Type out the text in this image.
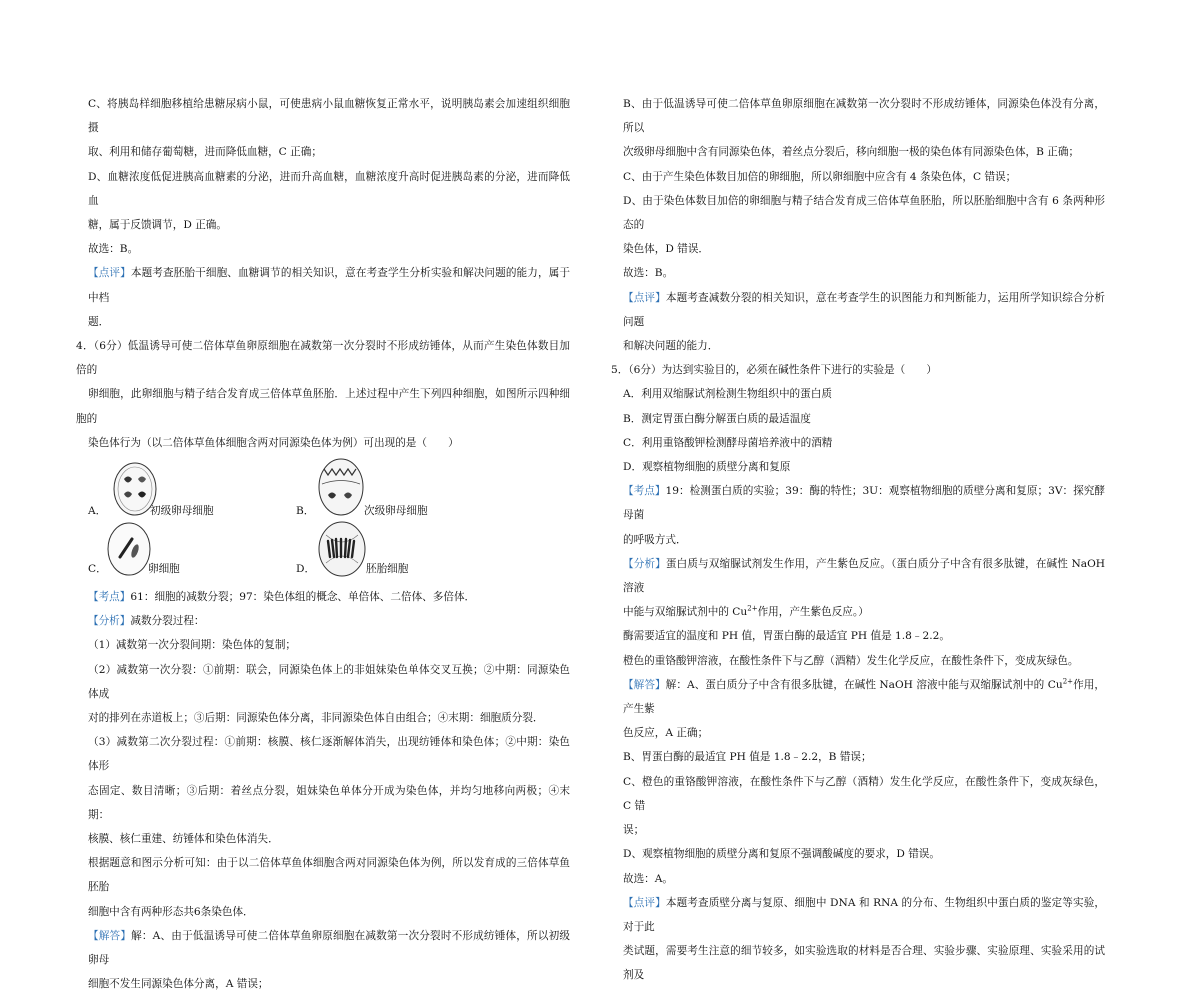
C、将胰岛样细胞移植给患糖尿病小鼠，可使患病小鼠血糖恢复正常水平，说明胰岛素会加速组织细胞摄
取、利用和储存葡萄糖，进而降低血糖，C 正确；

D、血糖浓度低促进胰高血糖素的分泌，进而升高血糖，血糖浓度升高时促进胰岛素的分泌，进而降低血
糖，属于反馈调节，D 正确。

故选：B。

【点评】本题考查胚胎干细胞、血糖调节的相关知识，意在考查学生分析实验和解决问题的能力，属于中档
题．

4．（6分）低温诱导可使二倍体草鱼卵原细胞在减数第一次分裂时不形成纺锤体，从而产生染色体数目加倍的
卵细胞，此卵细胞与精子结合发育成三倍体草鱼胚胎．上述过程中产生下列四种细胞，如图所示四种细胞的
染色体行为（以二倍体草鱼体细胞含两对同源染色体为例）可出现的是（　　）

A．	初级卵母细胞	B．	次级卵母细胞
C．	卵细胞	D．	胚胎细胞

【考点】61：细胞的减数分裂；97：染色体组的概念、单倍体、二倍体、多倍体．

【分析】减数分裂过程：

（1）减数第一次分裂间期：染色体的复制；

（2）减数第一次分裂：①前期：联会，同源染色体上的非姐妹染色单体交叉互换；②中期：同源染色体成
对的排列在赤道板上；③后期：同源染色体分离，非同源染色体自由组合；④末期：细胞质分裂．

（3）减数第二次分裂过程：①前期：核膜、核仁逐渐解体消失，出现纺锤体和染色体；②中期：染色体形
态固定、数目清晰；③后期：着丝点分裂，姐妹染色单体分开成为染色体，并均匀地移向两极；④末期：
核膜、核仁重建、纺锤体和染色体消失．

根据题意和图示分析可知：由于以二倍体草鱼体细胞含两对同源染色体为例，所以发育成的三倍体草鱼胚胎
细胞中含有两种形态共6条染色体．

【解答】解：A、由于低温诱导可使二倍体草鱼卵原细胞在减数第一次分裂时不形成纺锤体，所以初级卵母
细胞不发生同源染色体分离，A 错误；

B、由于低温诱导可使二倍体草鱼卵原细胞在减数第一次分裂时不形成纺锤体，同源染色体没有分离，所以
次级卵母细胞中含有同源染色体，着丝点分裂后，移向细胞一极的染色体有同源染色体，B 正确；

C、由于产生染色体数目加倍的卵细胞，所以卵细胞中应含有 4 条染色体，C 错误；

D、由于染色体数目加倍的卵细胞与精子结合发育成三倍体草鱼胚胎，所以胚胎细胞中含有 6 条两种形态的
染色体，D 错误．

故选：B。

【点评】本题考查减数分裂的相关知识，意在考查学生的识图能力和判断能力，运用所学知识综合分析问题
和解决问题的能力．

5．（6分）为达到实验目的，必须在碱性条件下进行的实验是（　　）

A．利用双缩脲试剂检测生物组织中的蛋白质

B．测定胃蛋白酶分解蛋白质的最适温度

C．利用重铬酸钾检测酵母菌培养液中的酒精

D．观察植物细胞的质壁分离和复原

【考点】19：检测蛋白质的实验；39：酶的特性；3U：观察植物细胞的质壁分离和复原；3V：探究酵母菌
的呼吸方式．

【分析】蛋白质与双缩脲试剂发生作用，产生紫色反应。（蛋白质分子中含有很多肽键，在碱性 NaOH 溶液
中能与双缩脲试剂中的 $Cu^{2+}$作用，产生紫色反应。）

酶需要适宜的温度和 PH 值，胃蛋白酶的最适宜 PH 值是 1.8﹣2.2。

橙色的重铬酸钾溶液，在酸性条件下与乙醇（酒精）发生化学反应，在酸性条件下，变成灰绿色。

【解答】解：A、蛋白质分子中含有很多肽键，在碱性 NaOH 溶液中能与双缩脲试剂中的 $Cu^{2+}$作用，产生紫
色反应，A 正确；

B、胃蛋白酶的最适宜 PH 值是 1.8﹣2.2，B 错误；

C、橙色的重铬酸钾溶液，在酸性条件下与乙醇（酒精）发生化学反应，在酸性条件下，变成灰绿色，C 错
误；

D、观察植物细胞的质壁分离和复原不强调酸碱度的要求，D 错误。

故选：A。

【点评】本题考查质壁分离与复原、细胞中 DNA 和 RNA 的分布、生物组织中蛋白质的鉴定等实验，对于此
类试题，需要考生注意的细节较多，如实验选取的材料是否合理、实验步骤、实验原理、实验采用的试剂及
